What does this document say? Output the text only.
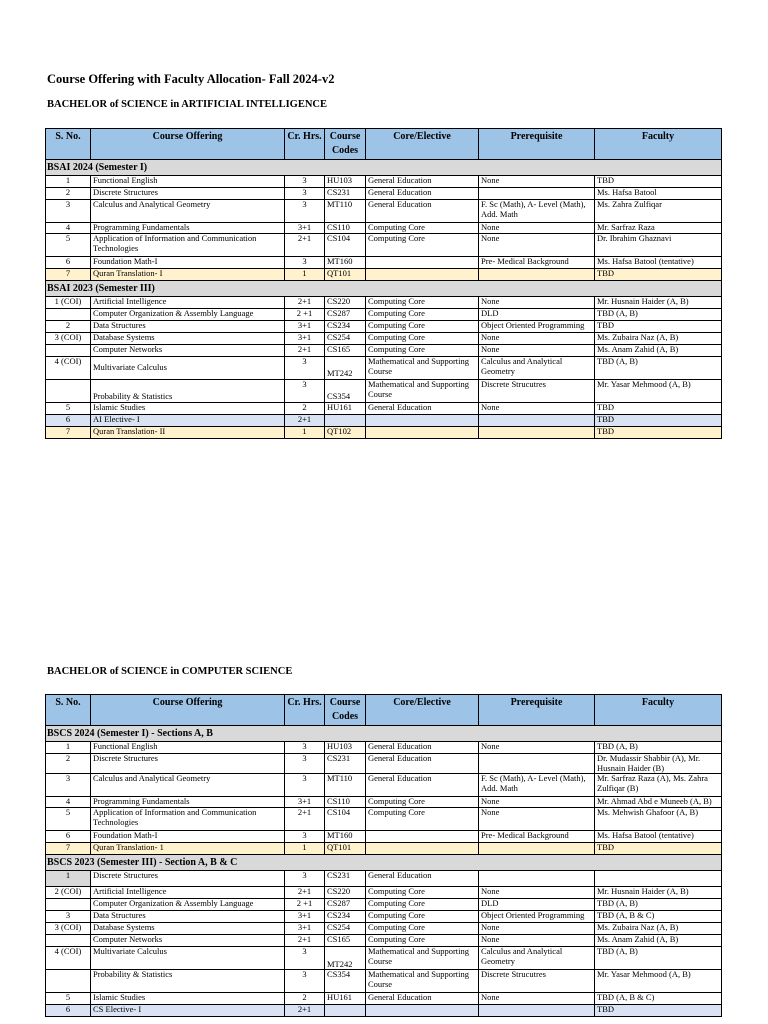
Course Offering with Faculty Allocation- Fall 2024-v2
BACHELOR of SCIENCE in ARTIFICIAL INTELLIGENCE
BACHELOR of SCIENCE in COMPUTER SCIENCE
S. No.	Course Offering	Cr. Hrs.	Course Codes	Core/Elective	Prerequisite	Faculty
BSAI 2024 (Semester I)						
1	Functional English	3	HU103	General Education	None	TBD
2	Discrete Structures	3	CS231	General Education		Ms. Hafsa Batool
3	Calculus and Analytical Geometry	3	MT110	General Education	F. Sc (Math), A- Level (Math), Add. Math	Ms. Zahra Zulfiqar
4	Programming Fundamentals	3+1	CS110	Computing Core	None	Mr. Sarfraz Raza
5	Application of Information and Communication Technologies	2+1	CS104	Computing Core	None	Dr. Ibrahim Ghaznavi
6	Foundation Math-I	3	MT160		Pre- Medical Background	Ms. Hafsa Batool (tentative)
7	Quran Translation- I	1	QT101			TBD
BSAI 2023 (Semester III)						
1 (COI)	Artificial Intelligence	2+1	CS220	Computing Core	None	Mr. Husnain Haider (A, B)
	Computer Organization & Assembly Language	2 +1	CS287	Computing Core	DLD	TBD (A, B)
2	Data Structures	3+1	CS234	Computing Core	Object Oriented Programming	TBD
3 (COI)	Database Systems	3+1	CS254	Computing Core	None	Ms. Zubaira Naz (A, B)
	Computer Networks	2+1	CS165	Computing Core	None	Ms. Anam Zahid (A, B)
4 (COI)	Multivariate Calculus	3	MT242	Mathematical and Supporting Course	Calculus and Analytical Geometry	TBD (A, B)
	Probability & Statistics	3	CS354	Mathematical and Supporting Course	Discrete Strucutres	Mr. Yasar Mehmood (A, B)
5	Islamic Studies	2	HU161	General Education	None	TBD
6	AI Elective- I	2+1				TBD
7	Quran Translation- II	1	QT102			TBD
S. No.	Course Offering	Cr. Hrs.	Course Codes	Core/Elective	Prerequisite	Faculty
BSCS 2024 (Semester I) - Sections A, B						
1	Functional English	3	HU103	General Education	None	TBD (A, B)
2	Discrete Structures	3	CS231	General Education		Dr. Mudassir Shabbir (A), Mr. Husnain Haider (B)
3	Calculus and Analytical Geometry	3	MT110	General Education	F. Sc (Math), A- Level (Math), Add. Math	Mr. Sarfraz Raza (A), Ms. Zahra Zulfiqar (B)
4	Programming Fundamentals	3+1	CS110	Computing Core	None	Mr. Ahmad Abd e Muneeb (A, B)
5	Application of Information and Communication Technologies	2+1	CS104	Computing Core	None	Ms. Mehwish Ghafoor (A, B)
6	Foundation Math-I	3	MT160		Pre- Medical Background	Ms. Hafsa Batool (tentative)
7	Quran Translation- 1	1	QT101			TBD
BSCS 2023 (Semester III) - Section A, B & C						
1	Discrete Structures	3	CS231	General Education		
2 (COI)	Artificial Intelligence	2+1	CS220	Computing Core	None	Mr. Husnain Haider (A, B)
	Computer Organization & Assembly Language	2 +1	CS287	Computing Core	DLD	TBD (A, B)
3	Data Structures	3+1	CS234	Computing Core	Object Oriented Programming	TBD (A, B & C)
3 (COI)	Database Systems	3+1	CS254	Computing Core	None	Ms. Zubaira Naz (A, B)
	Computer Networks	2+1	CS165	Computing Core	None	Ms. Anam Zahid (A, B)
4 (COI)	Multivariate Calculus	3	MT242	Mathematical and Supporting Course	Calculus and Analytical Geometry	TBD (A, B)
	Probability & Statistics	3	CS354	Mathematical and Supporting Course	Discrete Strucutres	Mr. Yasar Mehmood (A, B)
5	Islamic Studies	2	HU161	General Education	None	TBD (A, B & C)
6	CS Elective- I	2+1				TBD
